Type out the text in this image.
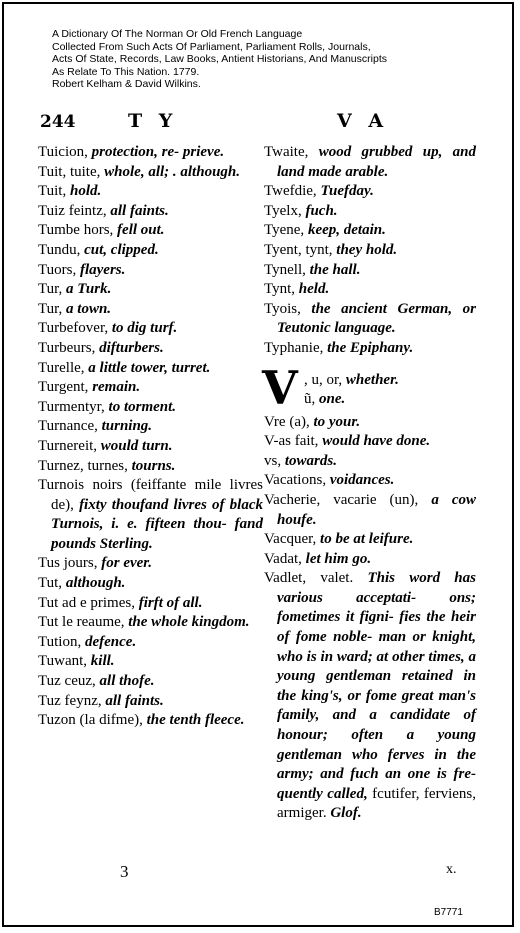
A Dictionary Of The Norman Or Old French Language
Collected From Such Acts Of Parliament, Parliament Rolls, Journals,
Acts Of State, Records, Law Books, Antient Historians, And Manuscripts
As Relate To This Nation. 1779.
Robert Kelham & David Wilkins.
244	T Y	V A

Tuicion, protection, re- prieve.

Tuit, tuite, whole, all; . although.

Tuit, hold.

Tuiz feintz, all faints.

Tumbe hors, fell out.

Tundu, cut, clipped.

Tuors, flayers.

Tur, a Turk.

Tur, a town.

Turbefover, to dig turf.

Turbeurs, difturbers.

Turelle, a little tower, turret.

Turgent, remain.

Turmentyr, to torment.

Turnance, turning.

Turnereit, would turn.

Turnez, turnes, tourns.

Turnois noirs (feiffante mile livres de), fixty thoufand livres of black Turnois, i. e. fifteen thou- fand pounds Sterling.

Tus jours, for ever.

Tut, although.

Tut ad e primes, firft of all.

Tut le reaume, the whole kingdom.

Tution, defence.

Tuwant, kill.

Tuz ceuz, all thofe.

Tuz feynz, all faints.

Tuzon (la difme), the tenth fleece.

Twaite, wood grubbed up, and land made arable.

Twefdie, Tuefday.

Tyelx, fuch.

Tyene, keep, detain.

Tyent, tynt, they hold.

Tynell, the hall.

Tynt, held.

Tyois, the ancient German, or Teutonic language.

Typhanie, the Epiphany.

V , u, or, whether.

ũ, one.

Vre (a), to your.

V-as fait, would have done.

vs, towards.

Vacations, voidances.

Vacherie, vacarie (un), a cow houfe.

Vacquer, to be at leifure.

Vadat, let him go.

Vadlet, valet. This word has various acceptati- ons; fometimes it figni- fies the heir of fome noble- man or knight, who is in ward; at other times, a young gentleman retained in the king's, or fome great man's family, and a candidate of honour; often a young gentleman who ferves in the army; and fuch an one is fre- quently called, fcutifer, ferviens, armiger. Glof.

3	x.
B7771
